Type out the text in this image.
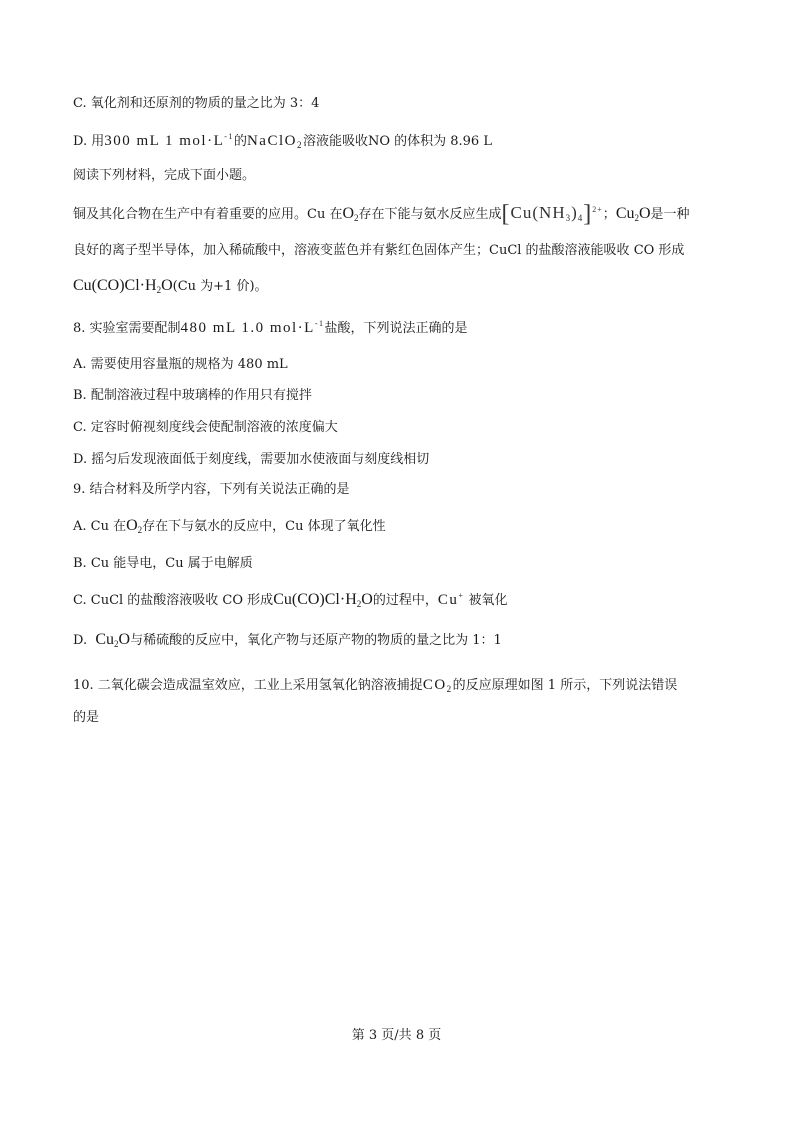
C. 氧化剂和还原剂的物质的量之比为 3：4
D. 用300 mL 1 $mol\cdot L^{-1}$的NaClO$_2$溶液能吸收NO 的体积为 8.96 L
阅读下列材料，完成下面小题。
铜及其化合物在生产中有着重要的应用。Cu 在$O_2$存在下能与氨水反应生成$[Cu(NH_3)_4]^{2+}$；$Cu_2O$是一种
良好的离子型半导体，加入稀硫酸中，溶液变蓝色并有紫红色固体产生；CuCl 的盐酸溶液能吸收 CO 形成
$Cu(CO)Cl\cdot H_2O(Cu$ 为+1 价)。
8. 实验室需要配制480 mL 1.0 $mol\cdot L^{-1}$盐酸，下列说法正确的是
A. 需要使用容量瓶的规格为 480 mL
B. 配制溶液过程中玻璃棒的作用只有搅拌
C. 定容时俯视刻度线会使配制溶液的浓度偏大
D. 摇匀后发现液面低于刻度线，需要加水使液面与刻度线相切
9. 结合材料及所学内容，下列有关说法正确的是
A. Cu 在$O_2$存在下与氨水的反应中，Cu 体现了氧化性
B. Cu 能导电，Cu 属于电解质
C. CuCl 的盐酸溶液吸收 CO 形成$Cu(CO)Cl\cdot H_2O$的过程中，Cu+ 被氧化
D. $Cu_2O$与稀硫酸的反应中，氧化产物与还原产物的物质的量之比为 1：1
10. 二氧化碳会造成温室效应，工业上采用氢氧化钠溶液捕捉$CO_2$的反应原理如图 1 所示，下列说法错误
的是
第 3 页/共 8 页
